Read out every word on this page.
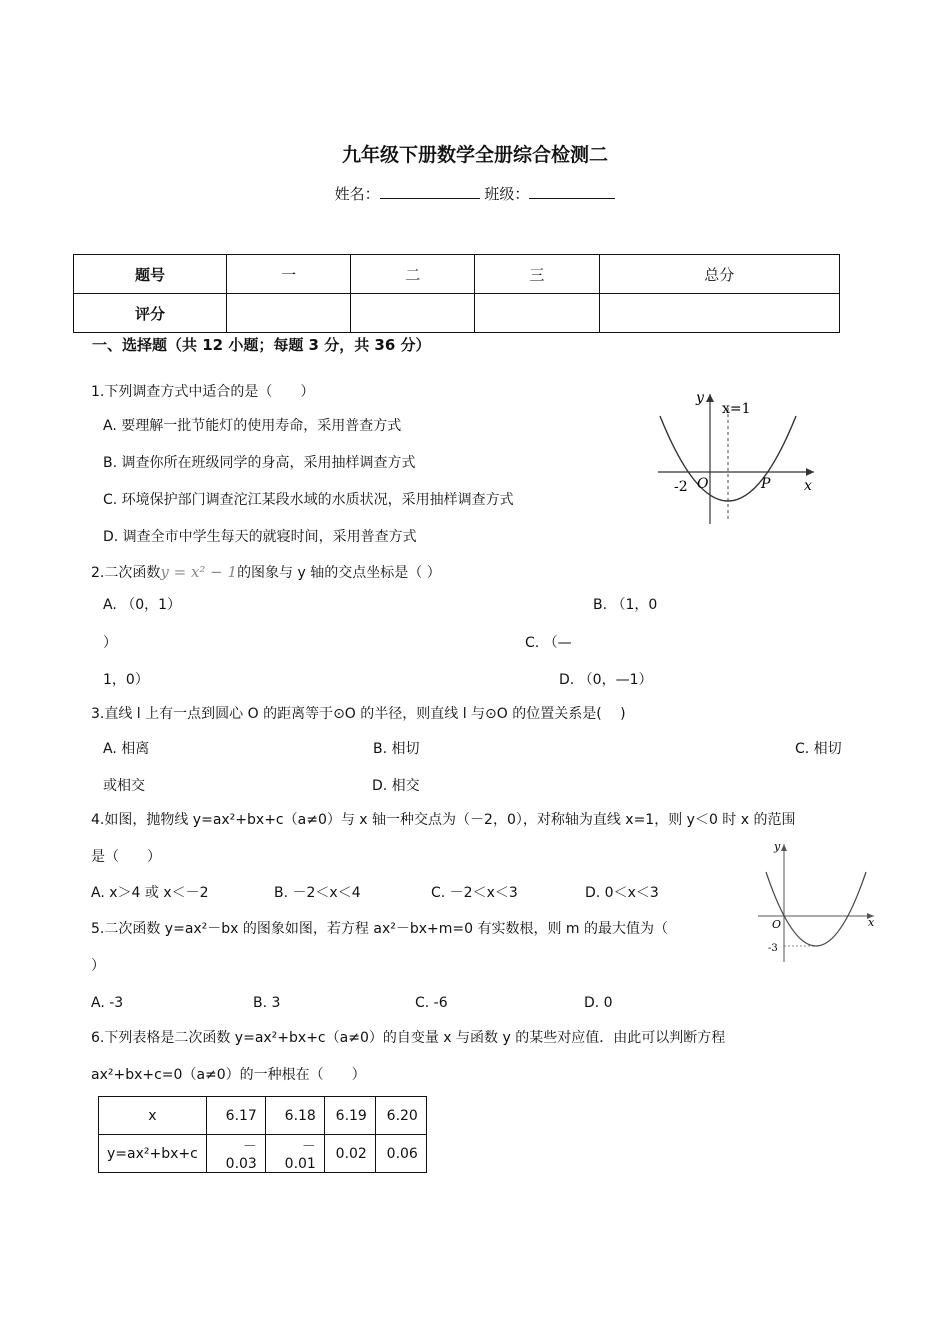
九年级下册数学全册综合检测二
姓名：	班级：
题号	一	二	三	总分
评分				
一、选择题（共 12 小题；每题 3 分，共 36 分）
1.下列调查方式中适合的是（　　）
A. 要理解一批节能灯的使用寿命，采用普查方式
B. 调查你所在班级同学的身高，采用抽样调查方式
C. 环境保护部门调查沱江某段水域的水质状况，采用抽样调查方式
D. 调查全市中学生每天的就寝时间，采用普查方式
y
x
x=1
-2 O	P
2.二次函数y = x² − 1的图象与 y 轴的交点坐标是（ ）
A. （0，1）	B. （1，0
）	C. （—
1，0）	D. （0，—1）
3.直线 l 上有一点到圆心 O 的距离等于⊙O 的半径，则直线 l 与⊙O 的位置关系是(　 )
A. 相离	B. 相切	C. 相切
或相交	D. 相交
4.如图，抛物线 y=ax²+bx+c（a≠0）与 x 轴一种交点为（－2，0），对称轴为直线 x=1，则 y＜0 时 x 的范围
是（　　）
A. x＞4 或 x＜－2	B. －2＜x＜4	C. －2＜x＜3	D. 0＜x＜3
y
x
O
-3
5.二次函数 y=ax²－bx 的图象如图，若方程 ax²－bx+m=0 有实数根，则 m 的最大值为（
）
A. -3	B. 3	C. -6	D. 0
6.下列表格是二次函数 y=ax²+bx+c（a≠0）的自变量 x 与函数 y 的某些对应值．由此可以判断方程
ax²+bx+c=0（a≠0）的一种根在（　　）
x	6.17	6.18	6.19	6.20
y=ax²+bx+c	－0.03	－0.01	0.02	0.06
